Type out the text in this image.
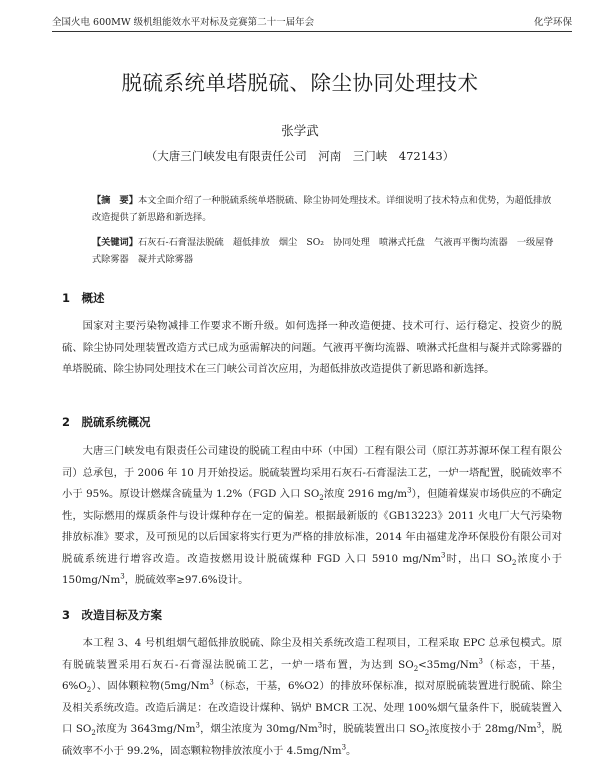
全国火电 600MW 级机组能效水平对标及竞赛第二十一届年会	化学环保
脱硫系统单塔脱硫、除尘协同处理技术
张学武
（大唐三门峡发电有限责任公司　河南　三门峡　472143）
【摘　要】本文全面介绍了一种脱硫系统单塔脱硫、除尘协同处理技术。详细说明了技术特点和优势，为超低排放改造提供了新思路和新选择。
【关键词】石灰石-石膏湿法脱硫　超低排放　烟尘　SO₂　协同处理　喷淋式托盘　气液再平衡均流器　一级屋脊式除雾器　凝并式除雾器
1　概述
国家对主要污染物减排工作要求不断升级。如何选择一种改造便捷、技术可行、运行稳定、投资少的脱硫、除尘协同处理装置改造方式已成为亟需解决的问题。气液再平衡均流器、喷淋式托盘相与凝并式除雾器的单塔脱硫、除尘协同处理技术在三门峡公司首次应用，为超低排放改造提供了新思路和新选择。
2　脱硫系统概况
大唐三门峡发电有限责任公司建设的脱硫工程由中环（中国）工程有限公司（原江苏苏源环保工程有限公司）总承包，于 2006 年 10 月开始投运。脱硫装置均采用石灰石-石膏湿法工艺，一炉一塔配置，脱硫效率不小于 95%。原设计燃煤含硫量为 1.2%（FGD 入口 $SO_2$浓度 2916 $mg/m^3$），但随着煤炭市场供应的不确定性，实际燃用的煤质条件与设计煤种存在一定的偏差。根据最新版的《GB13223》2011 火电厂大气污染物排放标准》要求，及可预见的以后国家将实行更为严格的排放标准，2014 年由福建龙净环保股份有限公司对脱硫系统进行增容改造。改造按燃用设计脱硫煤种 FGD 入口 5910 mg/Nm$^3$时，出口 $SO_2$浓度小于 150mg/Nm$^3$，脱硫效率≥97.6%设计。
3　改造目标及方案
本工程 3、4 号机组烟气超低排放脱硫、除尘及相关系统改造工程项目，工程采取 EPC 总承包模式。原有脱硫装置采用石灰石-石膏湿法脱硫工艺，一炉一塔布置，为达到 $SO_2<35mg/Nm^3$（标态，干基，$6\%O_2$）、固体颗粒物(5mg/Nm$^3$（标态，干基，6%O2）的排放环保标准，拟对原脱硫装置进行脱硫、除尘及相关系统改造。改造后满足：在改造设计煤种、锅炉 BMCR 工况、处理 100%烟气量条件下，脱硫装置入口 $SO_2$浓度为 3643mg/Nm$^3$，烟尘浓度为 30mg/Nm$^3$时，脱硫装置出口 $SO_2$浓度按小于 28mg/Nm$^3$，脱硫效率不小于 99.2%，固态颗粒物排放浓度小于 4.5mg/Nm$^3$。
